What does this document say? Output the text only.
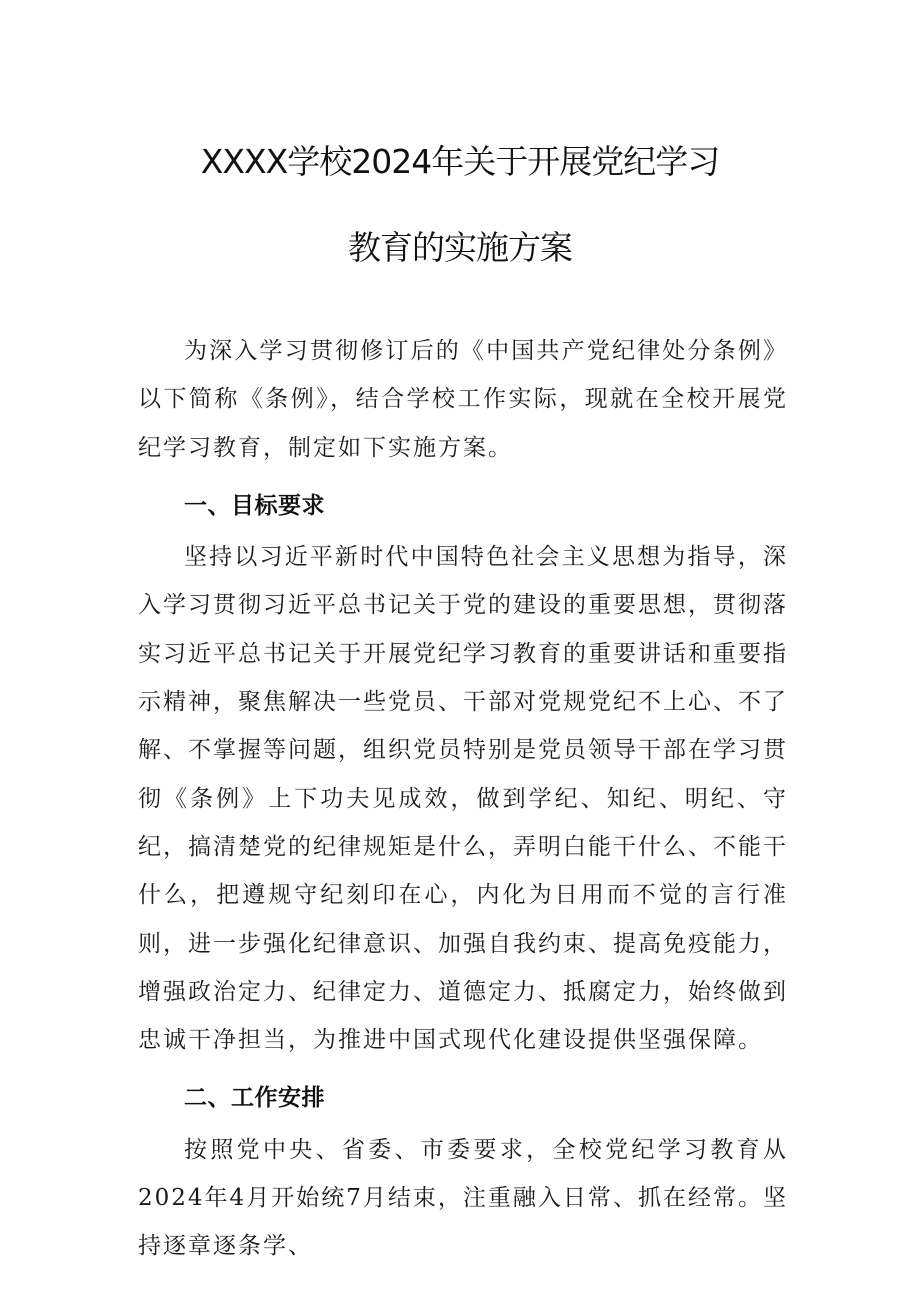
XXXX学校2024年关于开展党纪学习
教育的实施方案

为深入学习贯彻修订后的《中国共产党纪律处分条例》以下简称《条例》，结合学校工作实际，现就在全校开展党纪学习教育，制定如下实施方案。

一、目标要求

坚持以习近平新时代中国特色社会主义思想为指导，深入学习贯彻习近平总书记关于党的建设的重要思想，贯彻落实习近平总书记关于开展党纪学习教育的重要讲话和重要指示精神，聚焦解决一些党员、干部对党规党纪不上心、不了解、不掌握等问题，组织党员特别是党员领导干部在学习贯彻《条例》上下功夫见成效，做到学纪、知纪、明纪、守纪，搞清楚党的纪律规矩是什么，弄明白能干什么、不能干什么，把遵规守纪刻印在心，内化为日用而不觉的言行准则，进一步强化纪律意识、加强自我约束、提高免疫能力，增强政治定力、纪律定力、道德定力、抵腐定力，始终做到忠诚干净担当，为推进中国式现代化建设提供坚强保障。

二、工作安排

按照党中央、省委、市委要求，全校党纪学习教育从2024年4月开始统7月结束，注重融入日常、抓在经常。坚持逐章逐条学、
